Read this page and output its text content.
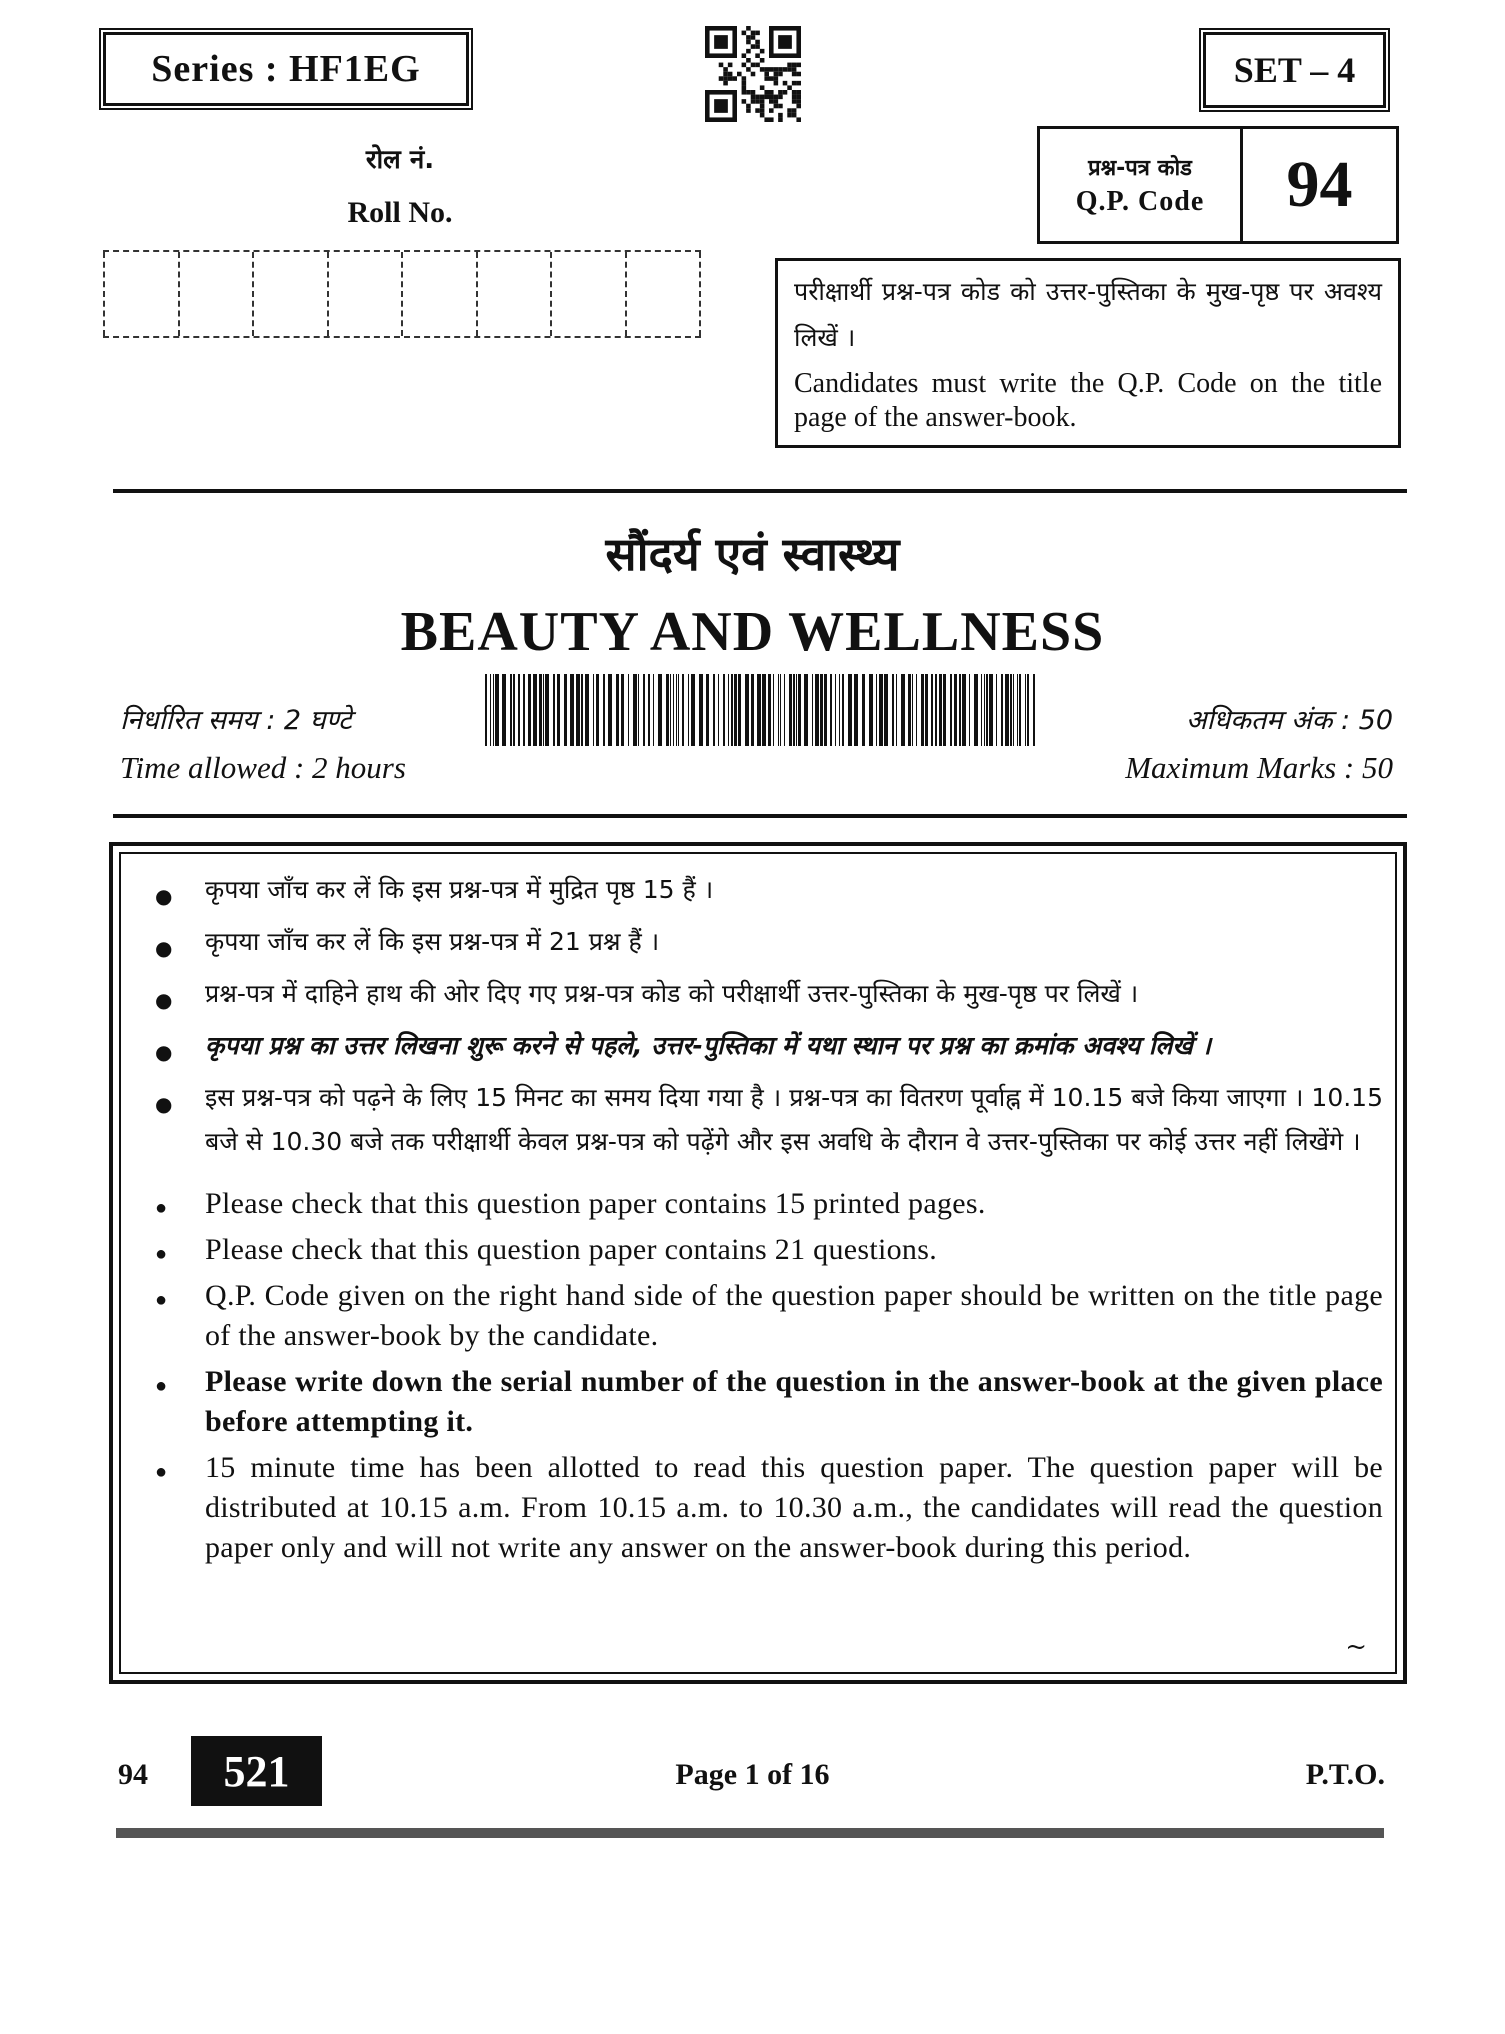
Series : HF1EG	SET – 4
रोल नं.
Roll No.
प्रश्न-पत्र कोड
Q.P. Code	94

परीक्षार्थी प्रश्न-पत्र कोड को उत्तर-पुस्तिका के मुख-पृष्ठ पर अवश्य लिखें ।

Candidates must write the Q.P. Code on the title page of the answer-book.

सौंदर्य एवं स्वास्थ्य
BEAUTY AND WELLNESS
निर्धारित समय : 2 घण्टे
Time allowed : 2 hours
अधिकतम अंक : 50
Maximum Marks : 50
● कृपया जाँच कर लें कि इस प्रश्न-पत्र में मुद्रित पृष्ठ 15 हैं ।
● कृपया जाँच कर लें कि इस प्रश्न-पत्र में 21 प्रश्न हैं ।
● प्रश्न-पत्र में दाहिने हाथ की ओर दिए गए प्रश्न-पत्र कोड को परीक्षार्थी उत्तर-पुस्तिका के मुख-पृष्ठ पर लिखें ।
● कृपया प्रश्न का उत्तर लिखना शुरू करने से पहले, उत्तर-पुस्तिका में यथा स्थान पर प्रश्न का क्रमांक अवश्य लिखें ।
● इस प्रश्न-पत्र को पढ़ने के लिए 15 मिनट का समय दिया गया है । प्रश्न-पत्र का वितरण पूर्वाह्न में 10.15 बजे किया जाएगा । 10.15 बजे से 10.30 बजे तक परीक्षार्थी केवल प्रश्न-पत्र को पढ़ेंगे और इस अवधि के दौरान वे उत्तर-पुस्तिका पर कोई उत्तर नहीं लिखेंगे ।
● Please check that this question paper contains 15 printed pages.
● Please check that this question paper contains 21 questions.
● Q.P. Code given on the right hand side of the question paper should be written on the title page of the answer-book by the candidate.
● Please write down the serial number of the question in the answer-book at the given place before attempting it.
● 15 minute time has been allotted to read this question paper. The question paper will be distributed at 10.15 a.m. From 10.15 a.m. to 10.30 a.m., the candidates will read the question paper only and will not write any answer on the answer-book during this period.
~
94	521	Page 1 of 16	P.T.O.
